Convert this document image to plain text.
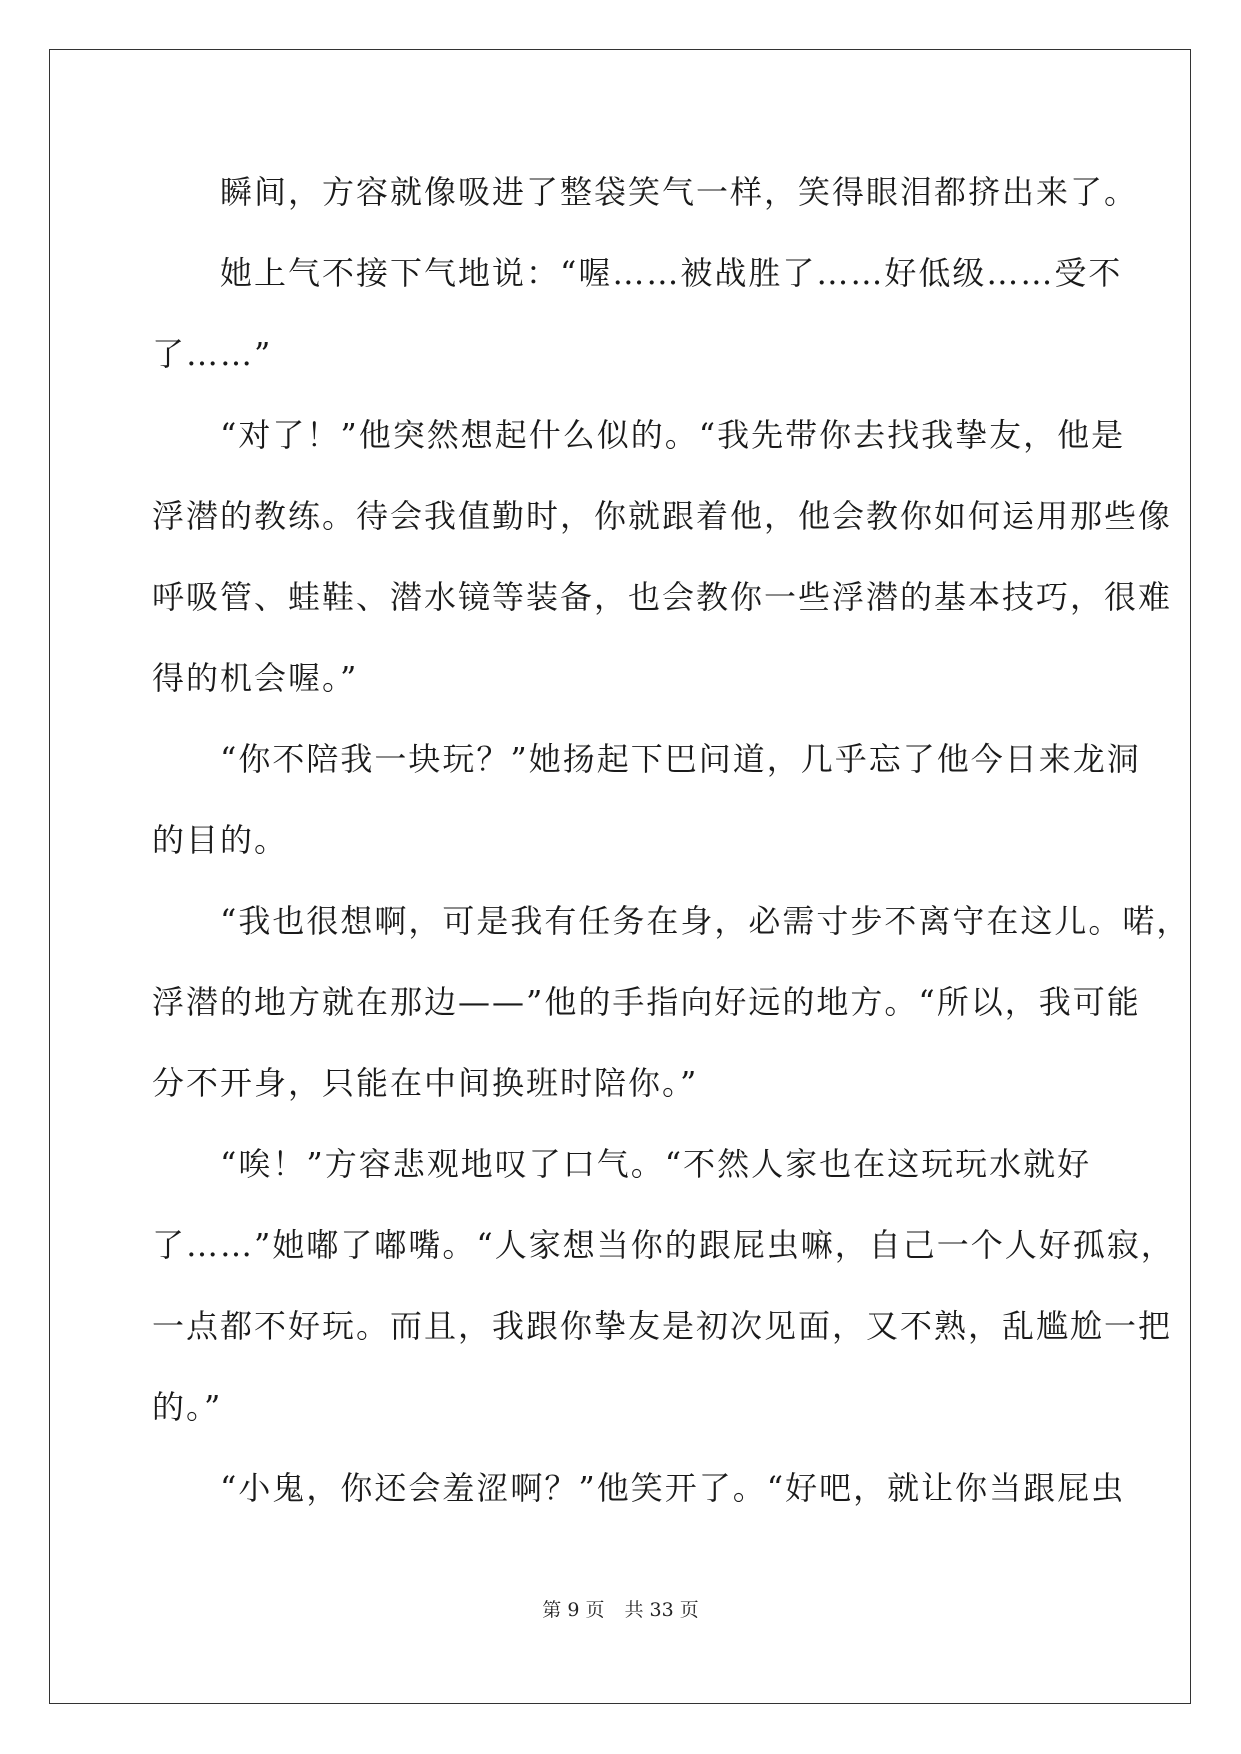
　　瞬间，方容就像吸进了整袋笑气一样，笑得眼泪都挤出来了。
　　她上气不接下气地说：“喔……被战胜了……好低级……受不
了……”
　　“对了！”他突然想起什么似的。“我先带你去找我挚友，他是
浮潜的教练。待会我值勤时，你就跟着他，他会教你如何运用那些像
呼吸管、蛙鞋、潜水镜等装备，也会教你一些浮潜的基本技巧，很难
得的机会喔。”
　　“你不陪我一块玩？”她扬起下巴问道，几乎忘了他今日来龙洞
的目的。
　　“我也很想啊，可是我有任务在身，必需寸步不离守在这儿。喏，
浮潜的地方就在那边——”他的手指向好远的地方。“所以，我可能
分不开身，只能在中间换班时陪你。”
　　“唉！”方容悲观地叹了口气。“不然人家也在这玩玩水就好
了……”她嘟了嘟嘴。“人家想当你的跟屁虫嘛，自己一个人好孤寂，
一点都不好玩。而且，我跟你挚友是初次见面，又不熟，乱尴尬一把
的。”
　　“小鬼，你还会羞涩啊？”他笑开了。“好吧，就让你当跟屁虫
第 9 页 共 33 页
